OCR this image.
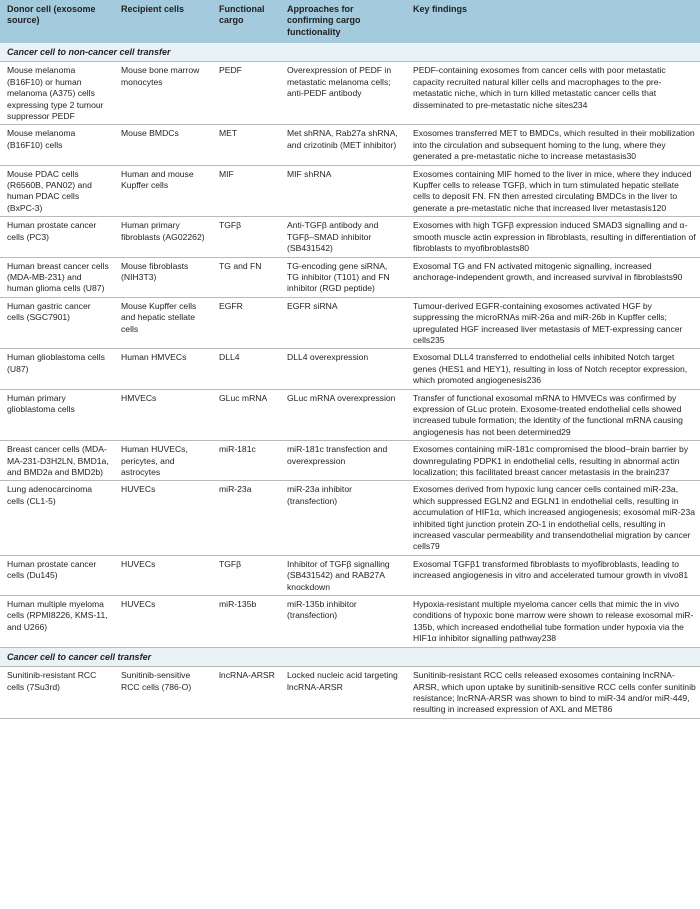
Donor cell (exosome source)	Recipient cells	Functional cargo	Approaches for confirming cargo functionality	Key findings
Cancer cell to non-cancer cell transfer				
Mouse melanoma (B16F10) or human melanoma (A375) cells expressing type 2 tumour suppressor PEDF	Mouse bone marrow monocytes	PEDF	Overexpression of PEDF in metastatic melanoma cells; anti-PEDF antibody	PEDF-containing exosomes from cancer cells with poor metastatic capacity recruited natural killer cells and macrophages to the pre-metastatic niche, which in turn killed metastatic cancer cells that disseminated to pre-metastatic niche sites234
Mouse melanoma (B16F10) cells	Mouse BMDCs	MET	Met shRNA, Rab27a shRNA, and crizotinib (MET inhibitor)	Exosomes transferred MET to BMDCs, which resulted in their mobilization into the circulation and subsequent homing to the lung, where they generated a pre-metastatic niche to increase metastasis30
Mouse PDAC cells (R6560B, PAN02) and human PDAC cells (BxPC-3)	Human and mouse Kupffer cells	MIF	MIF shRNA	Exosomes containing MIF homed to the liver in mice, where they induced Kupffer cells to release TGFβ, which in turn stimulated hepatic stellate cells to deposit FN. FN then arrested circulating BMDCs in the liver to generate a pre-metastatic niche that increased liver metastasis120
Human prostate cancer cells (PC3)	Human primary fibroblasts (AG02262)	TGFβ	Anti-TGFβ antibody and TGFβ–SMAD inhibitor (SB431542)	Exosomes with high TGFβ expression induced SMAD3 signalling and α-smooth muscle actin expression in fibroblasts, resulting in differentiation of fibroblasts to myofibroblasts80
Human breast cancer cells (MDA-MB-231) and human glioma cells (U87)	Mouse fibroblasts (NIH3T3)	TG and FN	TG-encoding gene siRNA, TG inhibitor (T101) and FN inhibitor (RGD peptide)	Exosomal TG and FN activated mitogenic signalling, increased anchorage-independent growth, and increased survival in fibroblasts90
Human gastric cancer cells (SGC7901)	Mouse Kupffer cells and hepatic stellate cells	EGFR	EGFR siRNA	Tumour-derived EGFR-containing exosomes activated HGF by suppressing the microRNAs miR-26a and miR-26b in Kupffer cells; upregulated HGF increased liver metastasis of MET-expressing cancer cells235
Human glioblastoma cells (U87)	Human HMVECs	DLL4	DLL4 overexpression	Exosomal DLL4 transferred to endothelial cells inhibited Notch target genes (HES1 and HEY1), resulting in loss of Notch receptor expression, which promoted angiogenesis236
Human primary glioblastoma cells	HMVECs	GLuc mRNA	GLuc mRNA overexpression	Transfer of functional exosomal mRNA to HMVECs was confirmed by expression of GLuc protein. Exosome-treated endothelial cells showed increased tubule formation; the identity of the functional mRNA causing angiogenesis has not been determined29
Breast cancer cells (MDA-MA-231-D3H2LN, BMD1a, and BMD2a and BMD2b)	Human HUVECs, pericytes, and astrocytes	miR-181c	miR-181c transfection and overexpression	Exosomes containing miR-181c compromised the blood–brain barrier by downregulating PDPK1 in endothelial cells, resulting in abnormal actin localization; this facilitated breast cancer metastasis in the brain237
Lung adenocarcinoma cells (CL1-5)	HUVECs	miR-23a	miR-23a inhibitor (transfection)	Exosomes derived from hypoxic lung cancer cells contained miR-23a, which suppressed EGLN2 and EGLN1 in endothelial cells, resulting in accumulation of HIF1α, which increased angiogenesis; exosomal miR-23a inhibited tight junction protein ZO-1 in endothelial cells, resulting in increased vascular permeability and transendothelial migration by cancer cells79
Human prostate cancer cells (Du145)	HUVECs	TGFβ	Inhibitor of TGFβ signalling (SB431542) and RAB27A knockdown	Exosomal TGFβ1 transformed fibroblasts to myofibroblasts, leading to increased angiogenesis in vitro and accelerated tumour growth in vivo81
Human multiple myeloma cells (RPMI8226, KMS-11, and U266)	HUVECs	miR-135b	miR-135b inhibitor (transfection)	Hypoxia-resistant multiple myeloma cancer cells that mimic the in vivo conditions of hypoxic bone marrow were shown to release exosomal miR-135b, which increased endothelial tube formation under hypoxia via the HIF1α inhibitor signalling pathway238
Cancer cell to cancer cell transfer				
Sunitinib-resistant RCC cells (7Su3rd)	Sunitinib-sensitive RCC cells (786-O)	lncRNA-ARSR	Locked nucleic acid targeting lncRNA-ARSR	Sunitinib-resistant RCC cells released exosomes containing lncRNA-ARSR, which upon uptake by sunitinib-sensitive RCC cells confer sunitinib resistance; lncRNA-ARSR was shown to bind to miR-34 and/or miR-449, resulting in increased expression of AXL and MET86
